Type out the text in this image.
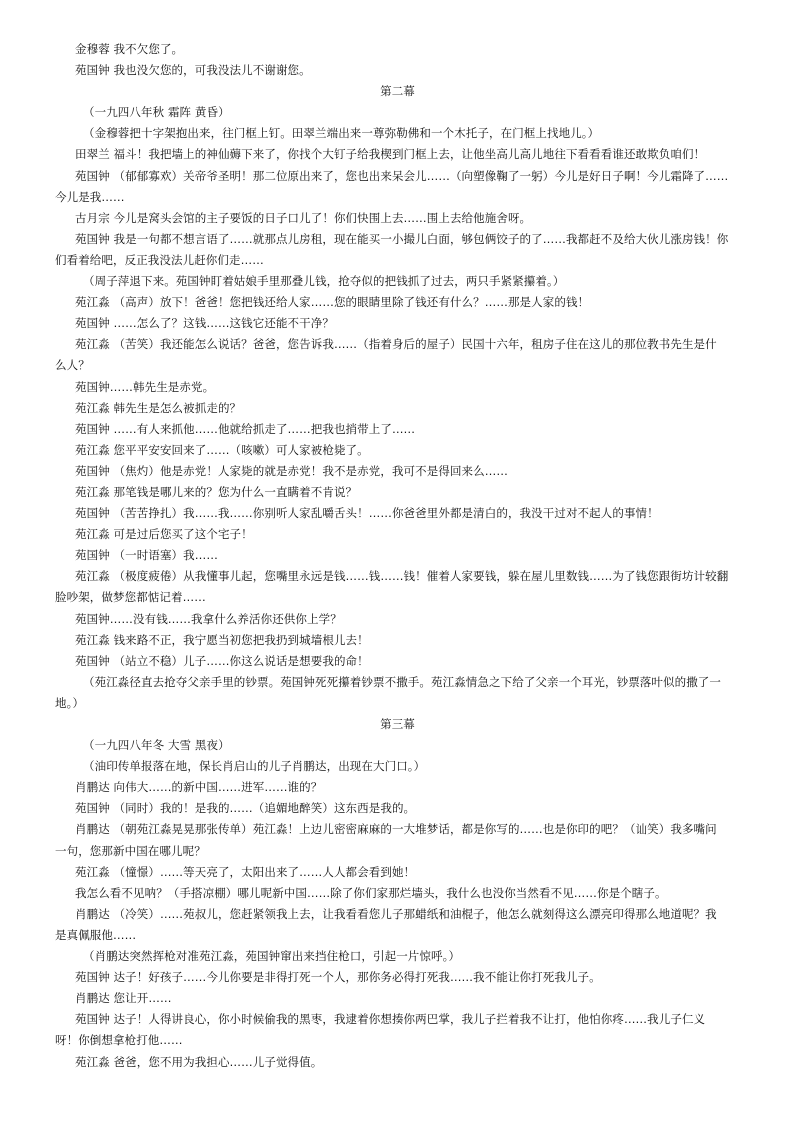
金穆蓉 我不欠您了。

苑国钟 我也没欠您的，可我没法儿不谢谢您。

第二幕

（一九四八年秋 霜阵 黄昏）

（金穆蓉把十字架抱出来，往门框上钉。田翠兰端出来一尊弥勒佛和一个木托子，在门框上找地儿。）

田翠兰 福斗！我把墙上的神仙薅下来了，你找个大钉子给我楔到门框上去，让他坐高儿高儿地往下看看看谁还敢欺负咱们！

苑国钟 （郁郁寡欢）关帝爷圣明！那二位原出来了，您也出来呆会儿……（向塑像鞠了一躬）今儿是好日子啊！今儿霜降了……

今儿是我……

古月宗 今儿是窝头会馆的主子要饭的日子口儿了！你们快围上去……围上去给他施舍呀。

苑国钟 我是一句都不想言语了……就那点儿房租，现在能买一小撮儿白面，够包俩饺子的了……我都赶不及给大伙儿涨房钱！你

们看着给吧，反正我没法儿赶你们走……

（周子萍退下来。苑国钟盯着姑娘手里那叠儿钱，抢夺似的把钱抓了过去，两只手紧紧攥着。）

苑江淼 （高声）放下！爸爸！您把钱还给人家……您的眼睛里除了钱还有什么？……那是人家的钱！

苑国钟 ……怎么了？这钱……这钱它还能不干净？

苑江淼 （苦笑）我还能怎么说话？爸爸，您告诉我……（指着身后的屋子）民国十六年，租房子住在这儿的那位教书先生是什

么人？

苑国钟……韩先生是赤党。

苑江淼 韩先生是怎么被抓走的？

苑国钟 ……有人来抓他……他就给抓走了……把我也捎带上了……

苑江淼 您平平安安回来了……（咳嗽）可人家被枪毙了。

苑国钟 （焦灼）他是赤党！人家毙的就是赤党！我不是赤党，我可不是得回来么……

苑江淼 那笔钱是哪儿来的？您为什么一直瞒着不肯说？

苑国钟 （苦苦挣扎）我……我……你别听人家乱嚼舌头！……你爸爸里外都是清白的，我没干过对不起人的事情！

苑江淼 可是过后您买了这个宅子！

苑国钟 （一时语塞）我……

苑江淼 （极度疲倦）从我懂事儿起，您嘴里永远是钱……钱……钱！催着人家要钱，躲在屋儿里数钱……为了钱您跟街坊计较翻

脸吵架，做梦您都惦记着……

苑国钟……没有钱……我拿什么养活你还供你上学？

苑江淼 钱来路不正，我宁愿当初您把我扔到城墙根儿去！

苑国钟 （站立不稳）儿子……你这么说话是想要我的命！

（苑江淼径直去抢夺父亲手里的钞票。苑国钟死死攥着钞票不撒手。苑江淼情急之下给了父亲一个耳光，钞票落叶似的撒了一

地。）

第三幕

（一九四八年冬 大雪 黑夜）

（油印传单报落在地，保长肖启山的儿子肖鹏达，出现在大门口。）

肖鹏达 向伟大……的新中国……进军……谁的？

苑国钟 （同时）我的！是我的……（追媚地醉笑）这东西是我的。

肖鹏达 （朝苑江淼晃晃那张传单）苑江淼！上边儿密密麻麻的一大堆梦话，都是你写的……也是你印的吧？（讪笑）我多嘴问

一句，您那新中国在哪儿呢？

苑江淼 （憧憬）……等天亮了，太阳出来了……人人都会看到她！

我怎么看不见呐？（手搭凉棚）哪儿呢新中国……除了你们家那烂墙头，我什么也没你当然看不见……你是个瞎子。

肖鹏达 （冷笑）……苑叔儿，您赶紧领我上去，让我看看您儿子那蜡纸和油棍子，他怎么就刻得这么漂亮印得那么地道呢？我

是真佩服他……

（肖鹏达突然挥枪对准苑江淼，苑国钟窜出来挡住枪口，引起一片惊呼。）

苑国钟 达子！好孩子……今儿你要是非得打死一个人，那你务必得打死我……我不能让你打死我儿子。

肖鹏达 您让开……

苑国钟 达子！人得讲良心，你小时候偷我的黑枣，我逮着你想揍你两巴掌，我儿子拦着我不让打，他怕你疼……我儿子仁义

呀！你倒想拿枪打他……

苑江淼 爸爸，您不用为我担心……儿子觉得值。
